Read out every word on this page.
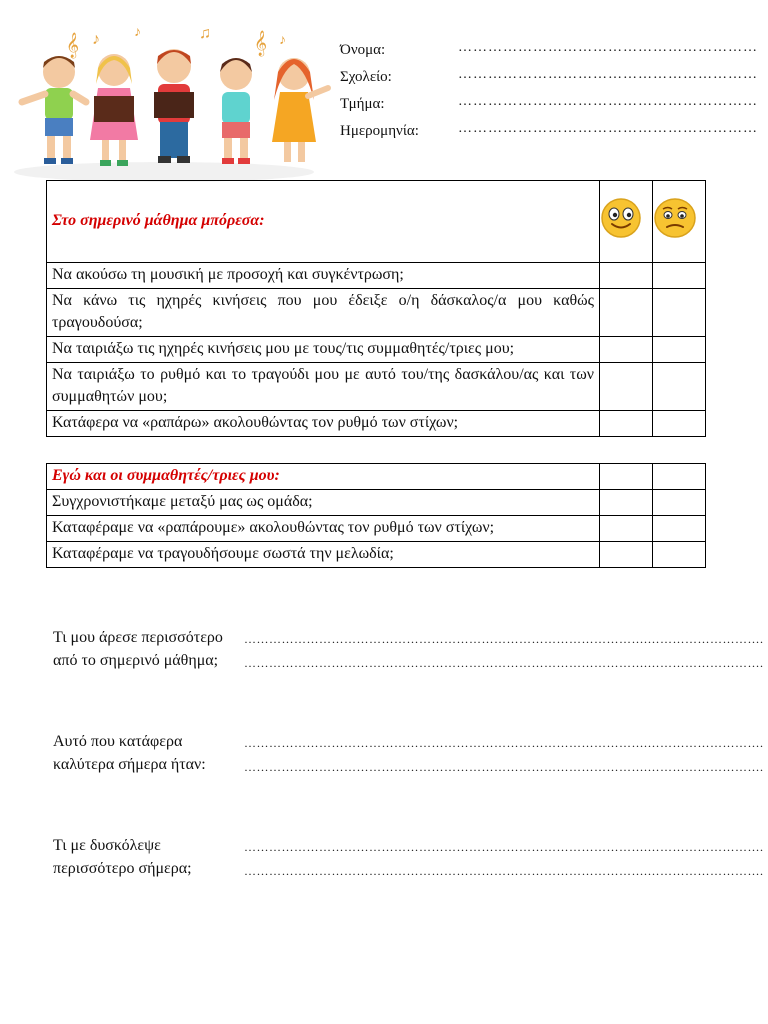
𝄞 ♪ ♪	♫ 𝄞 ♪
Όνομα:	……………………………………………………
Σχολείο:	……………………………………………………
Τμήμα:	……………………………………………………
Ημερομηνία:	……………………………………………………
Στο σημερινό μάθημα μπόρεσα:		
Να ακούσω τη μουσική με προσοχή και συγκέντρωση;		
Να κάνω τις ηχηρές κινήσεις που μου έδειξε ο/η δάσκαλος/α μου καθώς τραγουδούσα;		
Να ταιριάξω τις ηχηρές κινήσεις μου με τους/τις συμμαθητές/τριες μου;		
Να ταιριάξω το ρυθμό και το τραγούδι μου με αυτό του/της δασκάλου/ας και των συμμαθητών μου;		
Κατάφερα να «ραπάρω» ακολουθώντας τον ρυθμό των στίχων;		
Εγώ και οι συμμαθητές/τριες μου:		
Συγχρονιστήκαμε μεταξύ μας ως ομάδα;		
Καταφέραμε να «ραπάρουμε» ακολουθώντας τον ρυθμό των στίχων;		
Καταφέραμε να τραγουδήσουμε σωστά την μελωδία;		
Τι μου άρεσε περισσότερο από το σημερινό μάθημα;
…………………………………………………………………………………….……………………….
…………………………………………………………………………………….……………………….
Αυτό που κατάφερα καλύτερα σήμερα ήταν:
…………………………………………………………………………………….……………………….
…………………………………………………………………………………….……………………….
Τι με δυσκόλεψε περισσότερο σήμερα;
…………………………………………………………………………………….……………………….
…………………………………………………………………………………….……………………….
